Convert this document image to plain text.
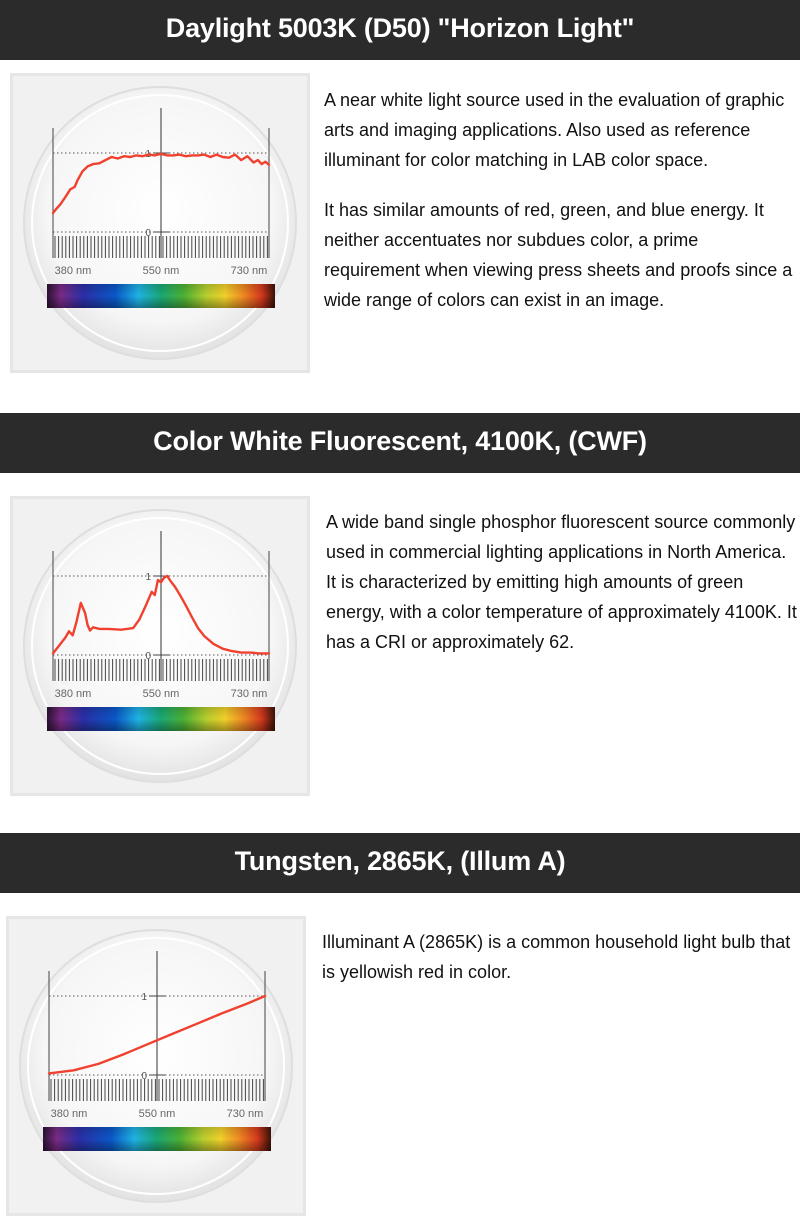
Daylight 5003K (D50) "Horizon Light"
1
0
380 nm	550 nm	730 nm

A near white light source used in the evaluation of graphic arts and imaging applications. Also used as reference illuminant for color matching in LAB color space.

It has similar amounts of red, green, and blue energy. It neither accentuates nor subdues color, a prime requirement when viewing press sheets and proofs since a wide range of colors can exist in an image.

Color White Fluorescent, 4100K, (CWF)
1
0
380 nm	550 nm	730 nm

A wide band single phosphor fluorescent source commonly used in commercial lighting applications in North America. It is characterized by emitting high amounts of green energy, with a color temperature of approximately 4100K. It has a CRI or approximately 62.

Tungsten, 2865K, (Illum A)
1
0
380 nm	550 nm	730 nm

Illuminant A (2865K) is a common household light bulb that is yellowish red in color.
